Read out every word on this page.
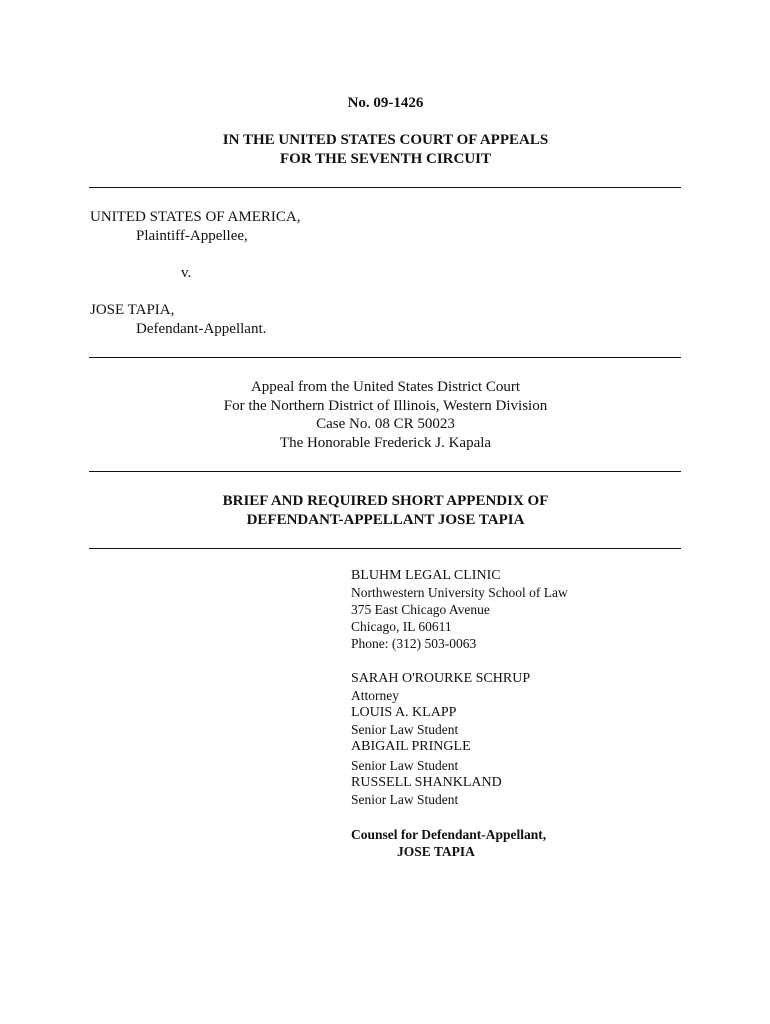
No. 09-1426
IN THE UNITED STATES COURT OF APPEALS
FOR THE SEVENTH CIRCUIT
UNITED STATES OF AMERICA,
Plaintiff-Appellee,
v.
JOSE TAPIA,
Defendant-Appellant.
Appeal from the United States District Court
For the Northern District of Illinois, Western Division
Case No. 08 CR 50023
The Honorable Frederick J. Kapala
BRIEF AND REQUIRED SHORT APPENDIX OF
DEFENDANT-APPELLANT JOSE TAPIA
BLUHM LEGAL CLINIC
Northwestern University School of Law
375 East Chicago Avenue
Chicago, IL 60611
Phone: (312) 503-0063
SARAH O'ROURKE SCHRUP
Attorney
LOUIS A. KLAPP
Senior Law Student
ABIGAIL PRINGLE
Senior Law Student
RUSSELL SHANKLAND
Senior Law Student
Counsel for Defendant-Appellant,
JOSE TAPIA
